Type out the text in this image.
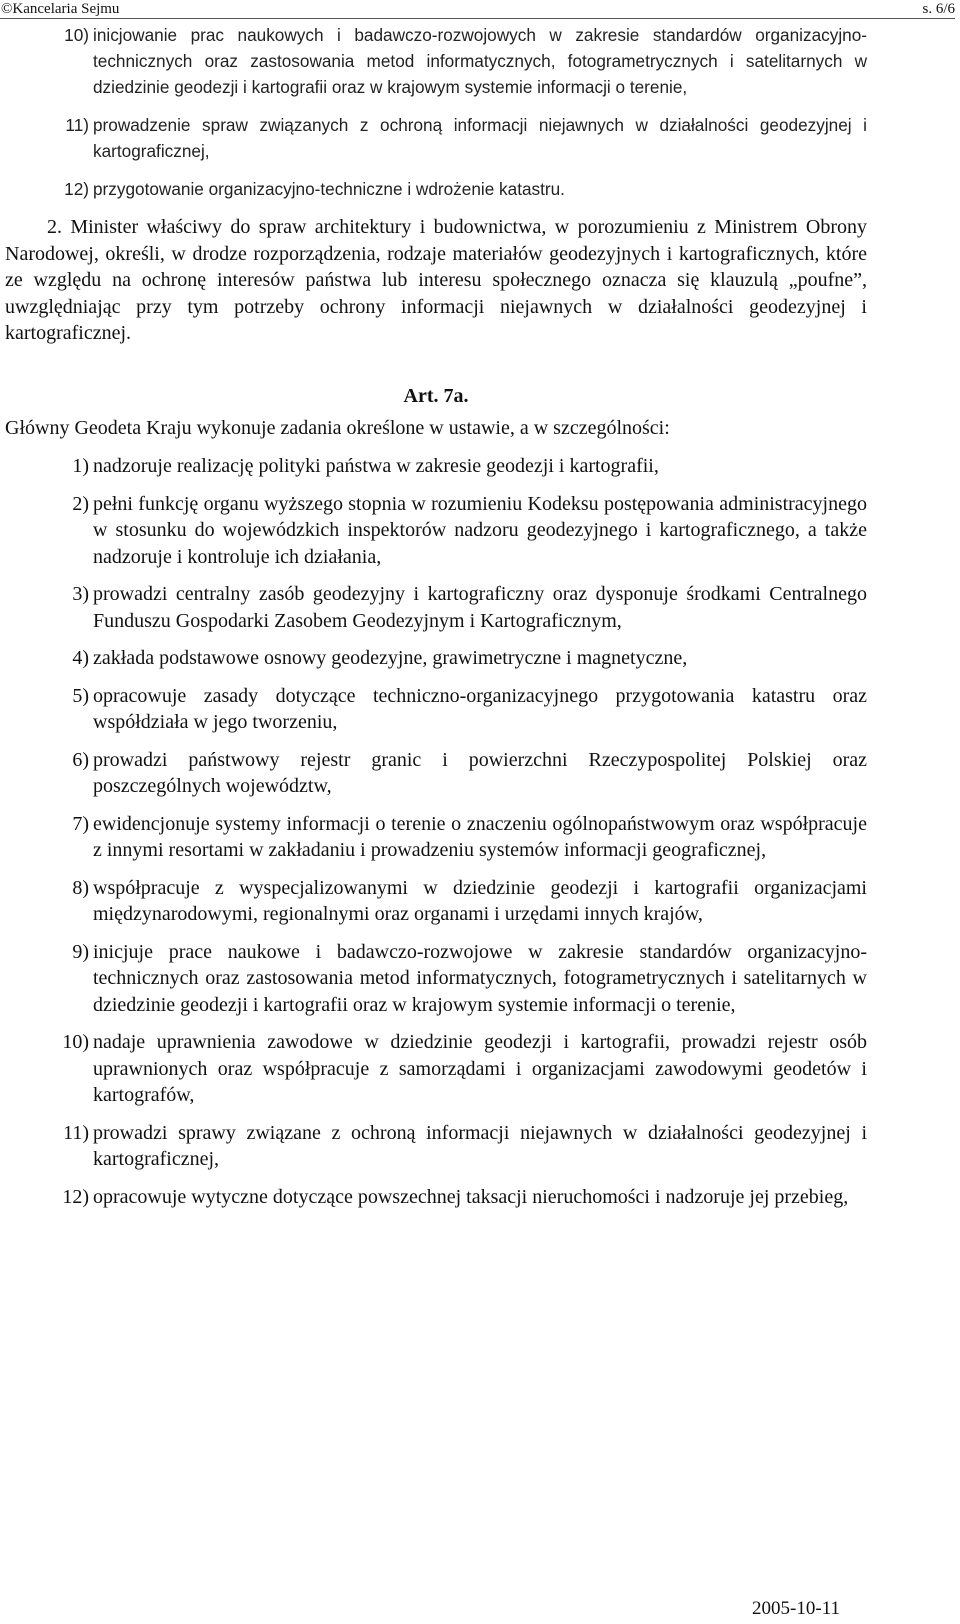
©Kancelaria Sejmu	s. 6/6
10) inicjowanie prac naukowych i badawczo-rozwojowych w zakresie standardów organizacyjno-technicznych oraz zastosowania metod informatycznych, fotogrametrycznych i satelitarnych w dziedzinie geodezji i kartografii oraz w krajowym systemie informacji o terenie,
11) prowadzenie spraw związanych z ochroną informacji niejawnych w działalności geodezyjnej i kartograficznej,
12) przygotowanie organizacyjno-techniczne i wdrożenie katastru.

2. Minister właściwy do spraw architektury i budownictwa, w porozumieniu z Ministrem Obrony Narodowej, określi, w drodze rozporządzenia, rodzaje materiałów geodezyjnych i kartograficznych, które ze względu na ochronę interesów państwa lub interesu społecznego oznacza się klauzulą „poufne”, uwzględniając przy tym potrzeby ochrony informacji niejawnych w działalności geodezyjnej i kartograficznej.

Art. 7a.

Główny Geodeta Kraju wykonuje zadania określone w ustawie, a w szczególności:

1) nadzoruje realizację polityki państwa w zakresie geodezji i kartografii,
2) pełni funkcję organu wyższego stopnia w rozumieniu Kodeksu postępowania administracyjnego w stosunku do wojewódzkich inspektorów nadzoru geodezyjnego i kartograficznego, a także nadzoruje i kontroluje ich działania,
3) prowadzi centralny zasób geodezyjny i kartograficzny oraz dysponuje środkami Centralnego Funduszu Gospodarki Zasobem Geodezyjnym i Kartograficznym,
4) zakłada podstawowe osnowy geodezyjne, grawimetryczne i magnetyczne,
5) opracowuje zasady dotyczące techniczno-organizacyjnego przygotowania katastru oraz współdziała w jego tworzeniu,
6) prowadzi państwowy rejestr granic i powierzchni Rzeczypospolitej Polskiej oraz poszczególnych województw,
7) ewidencjonuje systemy informacji o terenie o znaczeniu ogólnopaństwowym oraz współpracuje z innymi resortami w zakładaniu i prowadzeniu systemów informacji geograficznej,
8) współpracuje z wyspecjalizowanymi w dziedzinie geodezji i kartografii organizacjami międzynarodowymi, regionalnymi oraz organami i urzędami innych krajów,
9) inicjuje prace naukowe i badawczo-rozwojowe w zakresie standardów organizacyjno-technicznych oraz zastosowania metod informatycznych, fotogrametrycznych i satelitarnych w dziedzinie geodezji i kartografii oraz w krajowym systemie informacji o terenie,
10) nadaje uprawnienia zawodowe w dziedzinie geodezji i kartografii, prowadzi rejestr osób uprawnionych oraz współpracuje z samorządami i organizacjami zawodowymi geodetów i kartografów,
11) prowadzi sprawy związane z ochroną informacji niejawnych w działalności geodezyjnej i kartograficznej,
12) opracowuje wytyczne dotyczące powszechnej taksacji nieruchomości i nadzoruje jej przebieg,
2005-10-11
